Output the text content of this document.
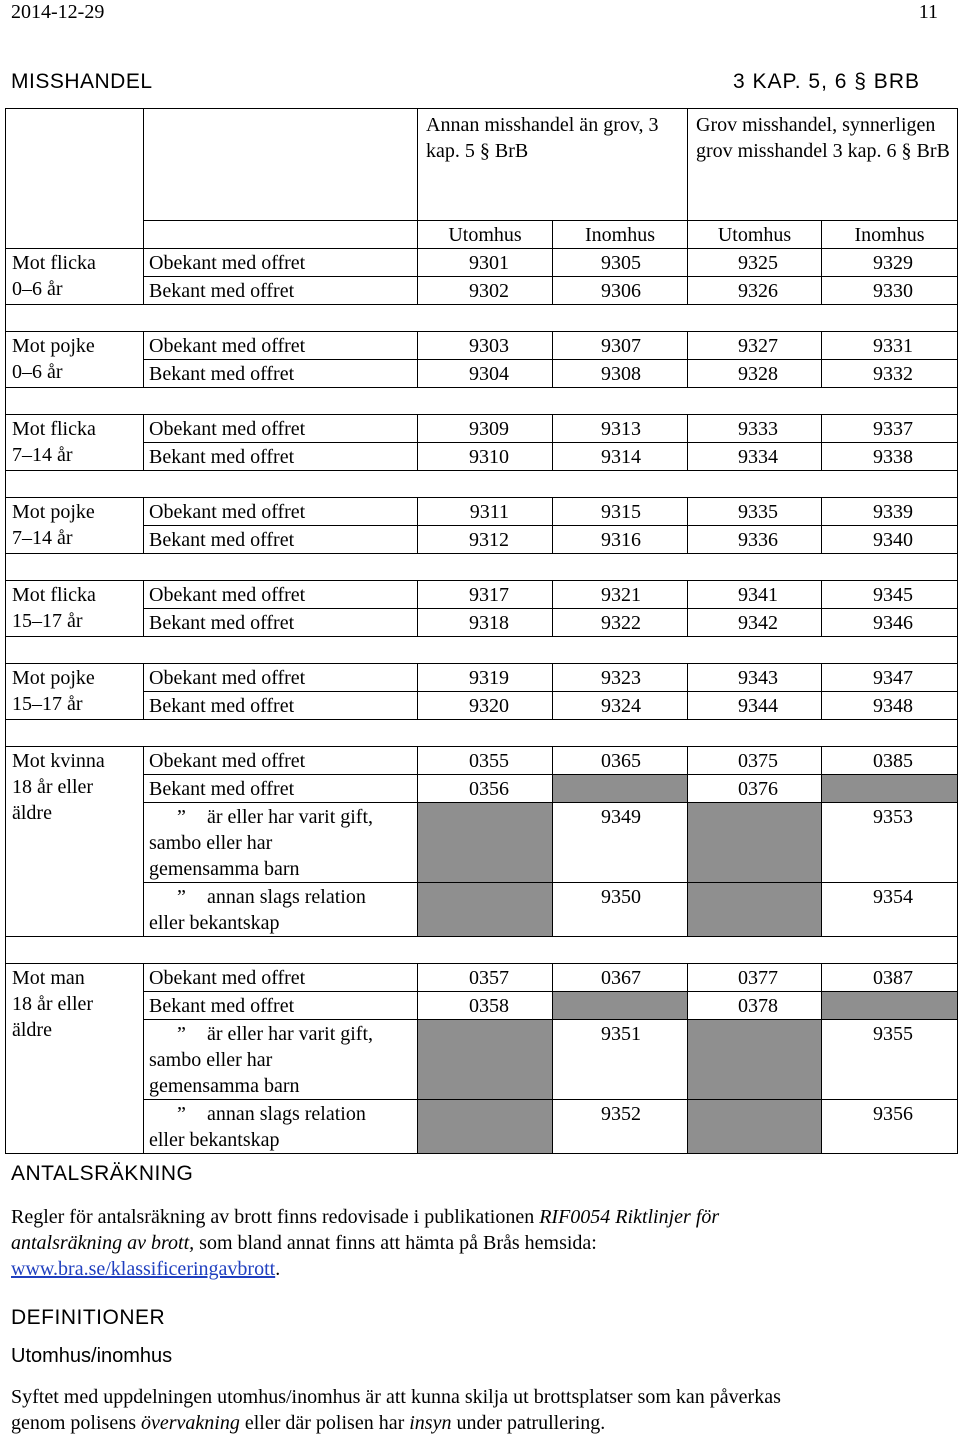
2014-12-29	11
MISSHANDEL	3 KAP. 5, 6 § BRB
		Annan misshandel än grov, 3 kap. 5 § BrB		Grov misshandel, synnerligen grov misshandel 3 kap. 6 § BrB	
		Utomhus	Inomhus	Utomhus	Inomhus
Mot flicka
0–6 år	Obekant med offret	9301	9305	9325	9329
	Bekant med offret	9302	9306	9326	9330

Mot pojke
0–6 år	Obekant med offret	9303	9307	9327	9331
	Bekant med offret	9304	9308	9328	9332

Mot flicka
7–14 år	Obekant med offret	9309	9313	9333	9337
	Bekant med offret	9310	9314	9334	9338

Mot pojke
7–14 år	Obekant med offret	9311	9315	9335	9339
	Bekant med offret	9312	9316	9336	9340

Mot flicka
15–17 år	Obekant med offret	9317	9321	9341	9345
	Bekant med offret	9318	9322	9342	9346

Mot pojke
15–17 år	Obekant med offret	9319	9323	9343	9347
	Bekant med offret	9320	9324	9344	9348

Mot kvinna
18 år eller
äldre	Obekant med offret	0355	0365	0375	0385
	Bekant med offret	0356		0376	
	” är eller har varit gift,
sambo eller har
gemensamma barn		9349		9353
	” annan slags relation
eller bekantskap		9350		9354

Mot man
18 år eller
äldre	Obekant med offret	0357	0367	0377	0387
	Bekant med offret	0358		0378	
	” är eller har varit gift,
sambo eller har
gemensamma barn		9351		9355
	” annan slags relation
eller bekantskap		9352		9356
ANTALSRÄKNING
Regler för antalsräkning av brott finns redovisade i publikationen RIF0054 Riktlinjer för
antalsräkning av brott, som bland annat finns att hämta på Brås hemsida:
www.bra.se/klassificeringavbrott.
DEFINITIONER
Utomhus/inomhus
Syftet med uppdelningen utomhus/inomhus är att kunna skilja ut brottsplatser som kan påverkas
genom polisens övervakning eller där polisen har insyn under patrullering.
